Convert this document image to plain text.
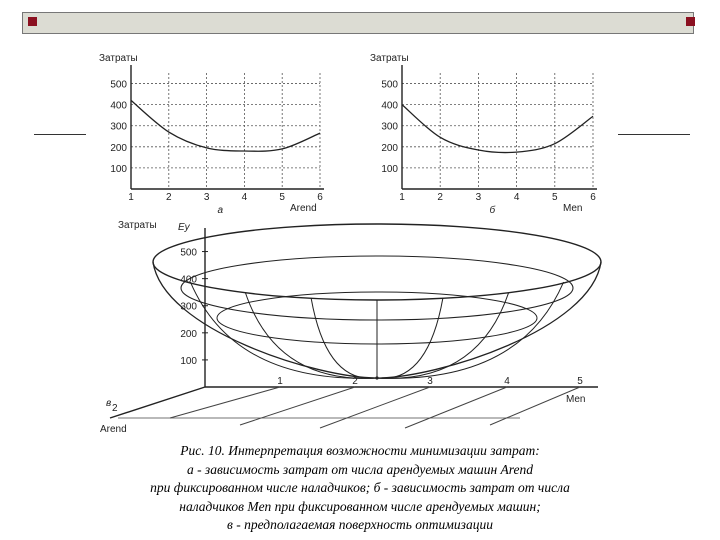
100
200
300
400
500
1	2	3	4	5	6
Затраты
Arend
а
100
200
300
400
500
1	2	3	4	5	6
Затраты
Men
б
100
200
300
400
500
Затраты Ey
1	2	3	4	5
Men
2
Arend
в
Рис. 10. Интерпретация возможности минимизации затрат:
а - зависимость затрат от числа арендуемых машин Arend
при фиксированном числе наладчиков; б - зависимость затрат от числа
наладчиков Men при фиксированном числе арендуемых машин;
в - предполагаемая поверхность оптимизации
